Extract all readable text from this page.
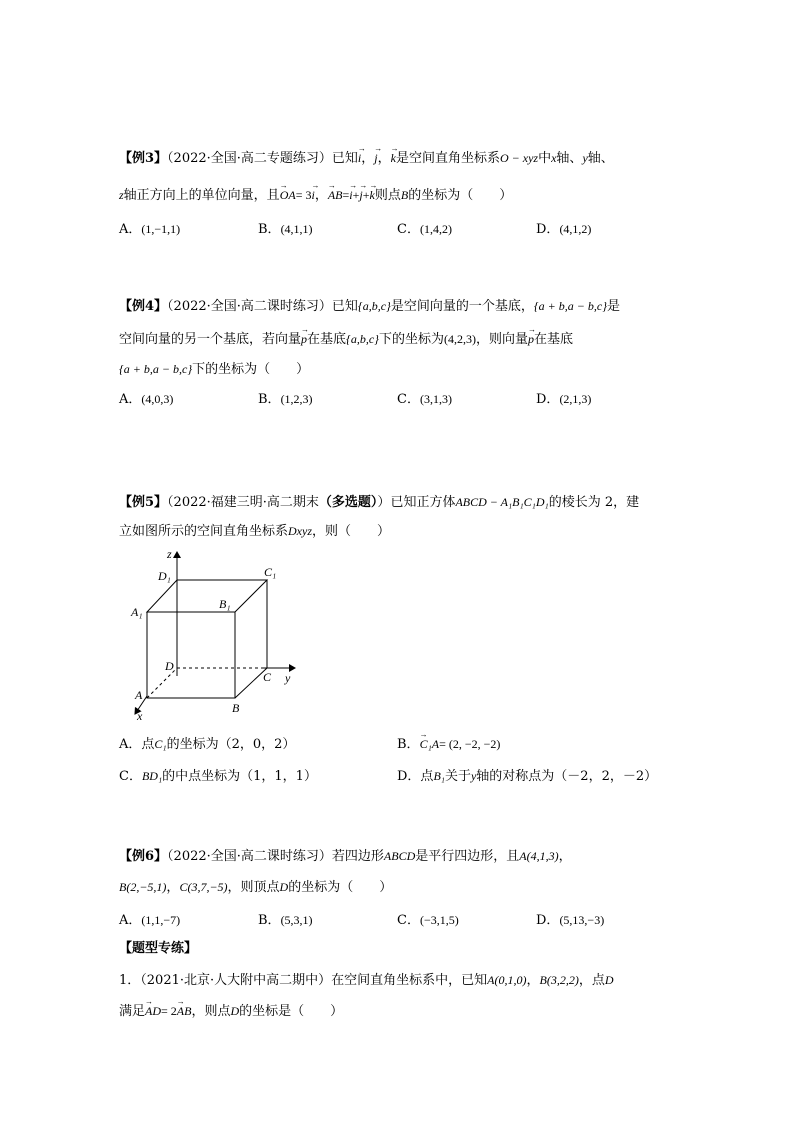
【例3】（2022·全国·高二专题练习）已知→ i，→ j，→ k是空间直角坐标系O − xyz中x轴、y轴、
z轴正方向上的单位向量，且→ OA= 3→ i，→ AB=→ i+→ j+→ k则点B的坐标为（　　）
A．(1,−1,1)	B．(4,1,1)	C．(1,4,2)	D．(4,1,2)
【例4】（2022·全国·高二课时练习）已知{a,b,c}是空间向量的一个基底，{a + b,a − b,c}是
空间向量的另一个基底，若向量→ p在基底{a,b,c}下的坐标为(4,2,3)，则向量→ p在基底
{a + b,a − b,c}下的坐标为（　　）
A．(4,0,3)	B．(1,2,3)	C．(3,1,3)	D．(2,1,3)
【例5】（2022·福建三明·高二期末（多选题））已知正方体ABCD − A₁B₁C₁D₁的棱长为 2，建
立如图所示的空间直角坐标系Dxyz，则（　　）
z
y
x
D₁	C₁
A₁
B₁
D
C
A
B
A．点C₁的坐标为（2，0，2）	B．→ C₁A= (2, −2, −2)
C．BD₁的中点坐标为（1，1，1）	D．点B₁关于y轴的对称点为（－2，2，－2）
【例6】（2022·全国·高二课时练习）若四边形ABCD是平行四边形，且A(4,1,3)，
B(2,−5,1)，C(3,7,−5)，则顶点D的坐标为（　　）
A．(1,1,−7)	B．(5,3,1)	C．(−3,1,5)	D．(5,13,−3)
【题型专练】
1．（2021·北京·人大附中高二期中）在空间直角坐标系中，已知A(0,1,0)，B(3,2,2)，点D
满足→ AD= 2→ AB，则点D的坐标是（　　）
